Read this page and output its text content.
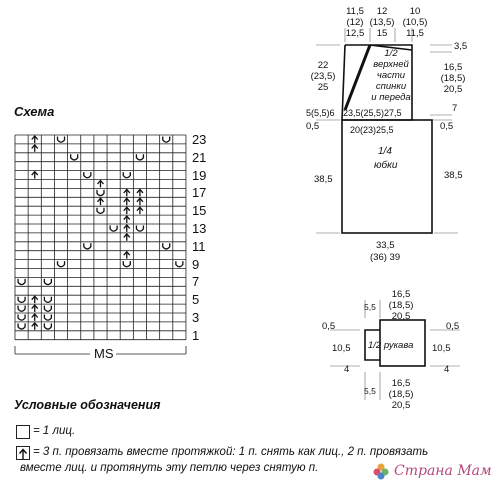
Схема
MS
23
21
19
17
15
13
11
9
7
5
3
1
Условные обозначения
= 1 лиц.
= 3 п. провязать вместе протяжкой: 1 п. снять как лиц., 2 п. провязать
вместе лиц. и протянуть эту петлю через снятую п.
11,5
(12)
12,5
12
(13,5)
15
10
(10,5)
11,5
1/2
верхней
части
спинки
и переда
22
(23,5)
25
3,5
16,5
(18,5)
20,5
23,5(25,5)27,5
5(5,5)6	7
0,5	0,5
20(23)25,5
1/4
юбки
38,5	38,5
33,5
(36) 39
16,5
(18,5)
20,5
5,5
0,5	0,5
1/2 рукава
10,5	10,5
4	4
5,5
16,5
(18,5)
20,5
Страна Мам
